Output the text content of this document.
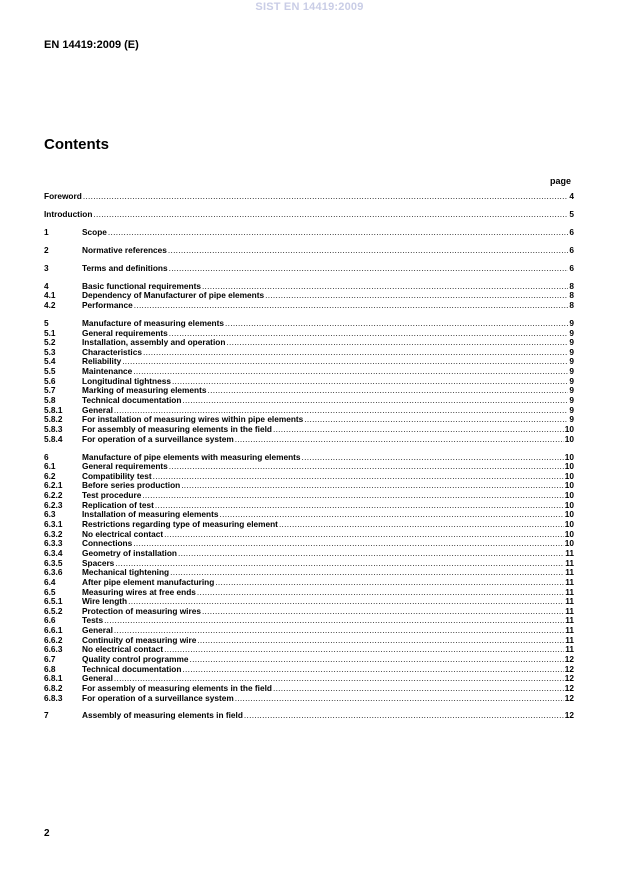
SIST EN 14419:2009
EN 14419:2009 (E)
Contents
page
Foreword .....	4
Introduction .....	5
1	Scope .....	6
2	Normative references .....	6
3	Terms and definitions .....	6
4	Basic functional requirements .....	8
4.1	Dependency of Manufacturer of pipe elements .....	8
4.2	Performance .....	8
5	Manufacture of measuring elements .....	9
5.1	General requirements .....	9
5.2	Installation, assembly and operation .....	9
5.3	Characteristics .....	9
5.4	Reliability .....	9
5.5	Maintenance .....	9
5.6	Longitudinal tightness .....	9
5.7	Marking of measuring elements .....	9
5.8	Technical documentation .....	9
5.8.1	General .....	9
5.8.2	For installation of measuring wires within pipe elements .....	9
5.8.3	For assembly of measuring elements in the field .....	10
5.8.4	For operation of a surveillance system .....	10
6	Manufacture of pipe elements with measuring elements .....	10
6.1	General requirements .....	10
6.2	Compatibility test .....	10
6.2.1	Before series production .....	10
6.2.2	Test procedure .....	10
6.2.3	Replication of test .....	10
6.3	Installation of measuring elements .....	10
6.3.1	Restrictions regarding type of measuring element .....	10
6.3.2	No electrical contact .....	10
6.3.3	Connections .....	10
6.3.4	Geometry of installation .....	11
6.3.5	Spacers .....	11
6.3.6	Mechanical tightening .....	11
6.4	After pipe element manufacturing .....	11
6.5	Measuring wires at free ends .....	11
6.5.1	Wire length .....	11
6.5.2	Protection of measuring wires .....	11
6.6	Tests .....	11
6.6.1	General .....	11
6.6.2	Continuity of measuring wire .....	11
6.6.3	No electrical contact .....	11
6.7	Quality control programme .....	12
6.8	Technical documentation .....	12
6.8.1	General .....	12
6.8.2	For assembly of measuring elements in the field .....	12
6.8.3	For operation of a surveillance system .....	12
7	Assembly of measuring elements in field .....	12
2
